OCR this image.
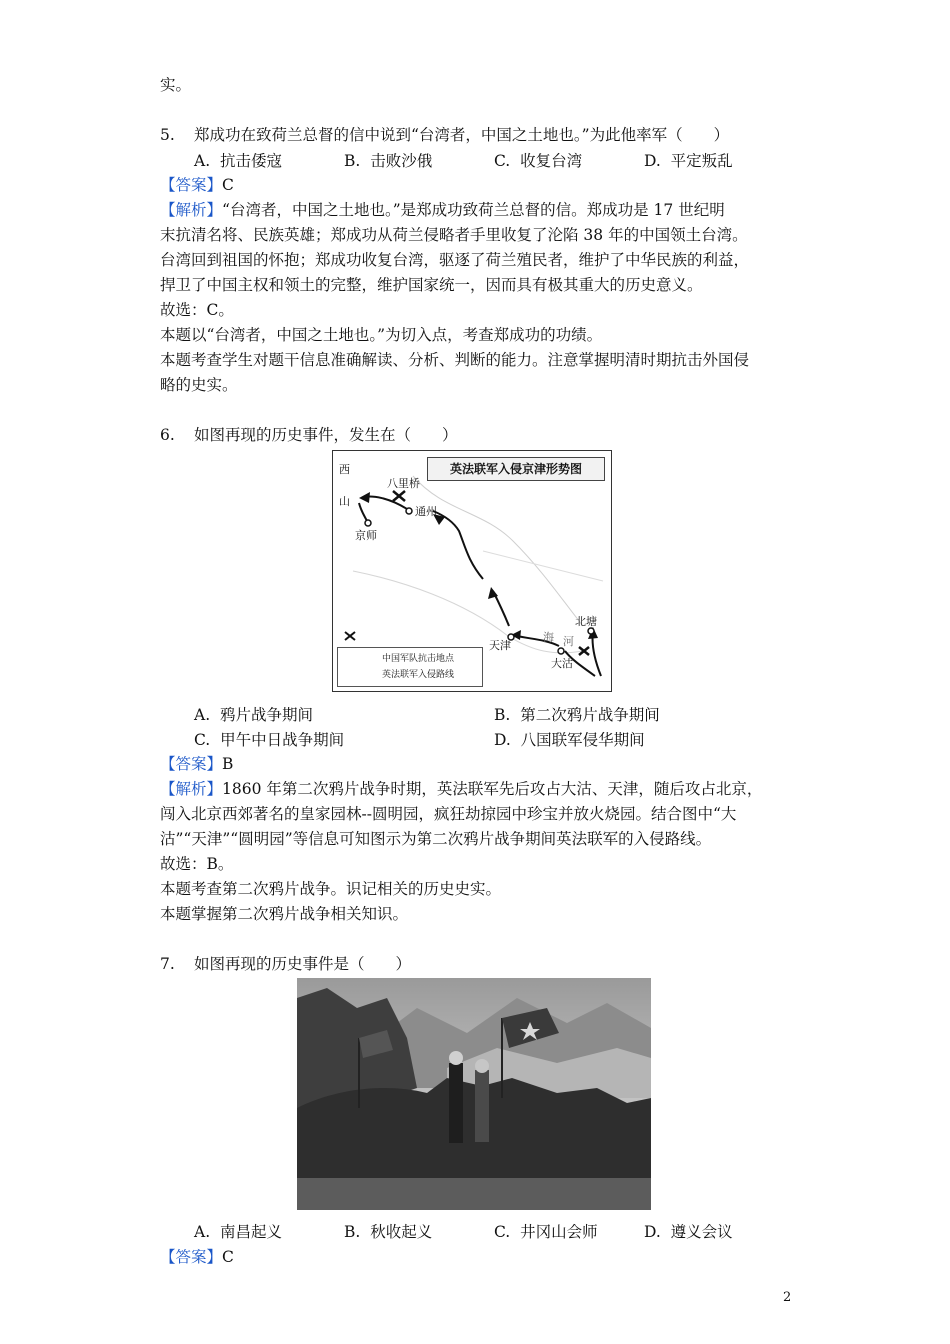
实。
5. 郑成功在致荷兰总督的信中说到“台湾者，中国之土地也。”为此他率军（　　）
A. 抗击倭寇	B. 击败沙俄	C. 收复台湾	D. 平定叛乱
【答案】C
【解析】“台湾者，中国之土地也。”是郑成功致荷兰总督的信。郑成功是 17 世纪明
末抗清名将、民族英雄；郑成功从荷兰侵略者手里收复了沦陷 38 年的中国领土台湾。
台湾回到祖国的怀抱；郑成功收复台湾，驱逐了荷兰殖民者，维护了中华民族的利益，
捍卫了中国主权和领土的完整，维护国家统一，因而具有极其重大的历史意义。
故选：C。
本题以“台湾者，中国之土地也。”为切入点，考查郑成功的功绩。
本题考查学生对题干信息准确解读、分析、判断的能力。注意掌握明清时期抗击外国侵
略的史实。
6. 如图再现的历史事件，发生在（　　）
英法联军入侵京津形势图
西
山
八里桥
通州
京师
天津
北塘
大沽
海 河
中国军队抗击地点
英法联军入侵路线
A. 鸦片战争期间	B. 第二次鸦片战争期间
C. 甲午中日战争期间	D. 八国联军侵华期间
【答案】B
【解析】1860 年第二次鸦片战争时期，英法联军先后攻占大沽、天津，随后攻占北京，
闯入北京西郊著名的皇家园林--圆明园，疯狂劫掠园中珍宝并放火烧园。结合图中“大
沽”“天津”“圆明园”等信息可知图示为第二次鸦片战争期间英法联军的入侵路线。
故选：B。
本题考查第二次鸦片战争。识记相关的历史史实。
本题掌握第二次鸦片战争相关知识。
7. 如图再现的历史事件是（　　）
A. 南昌起义	B. 秋收起义	C. 井冈山会师	D. 遵义会议
【答案】C
2
